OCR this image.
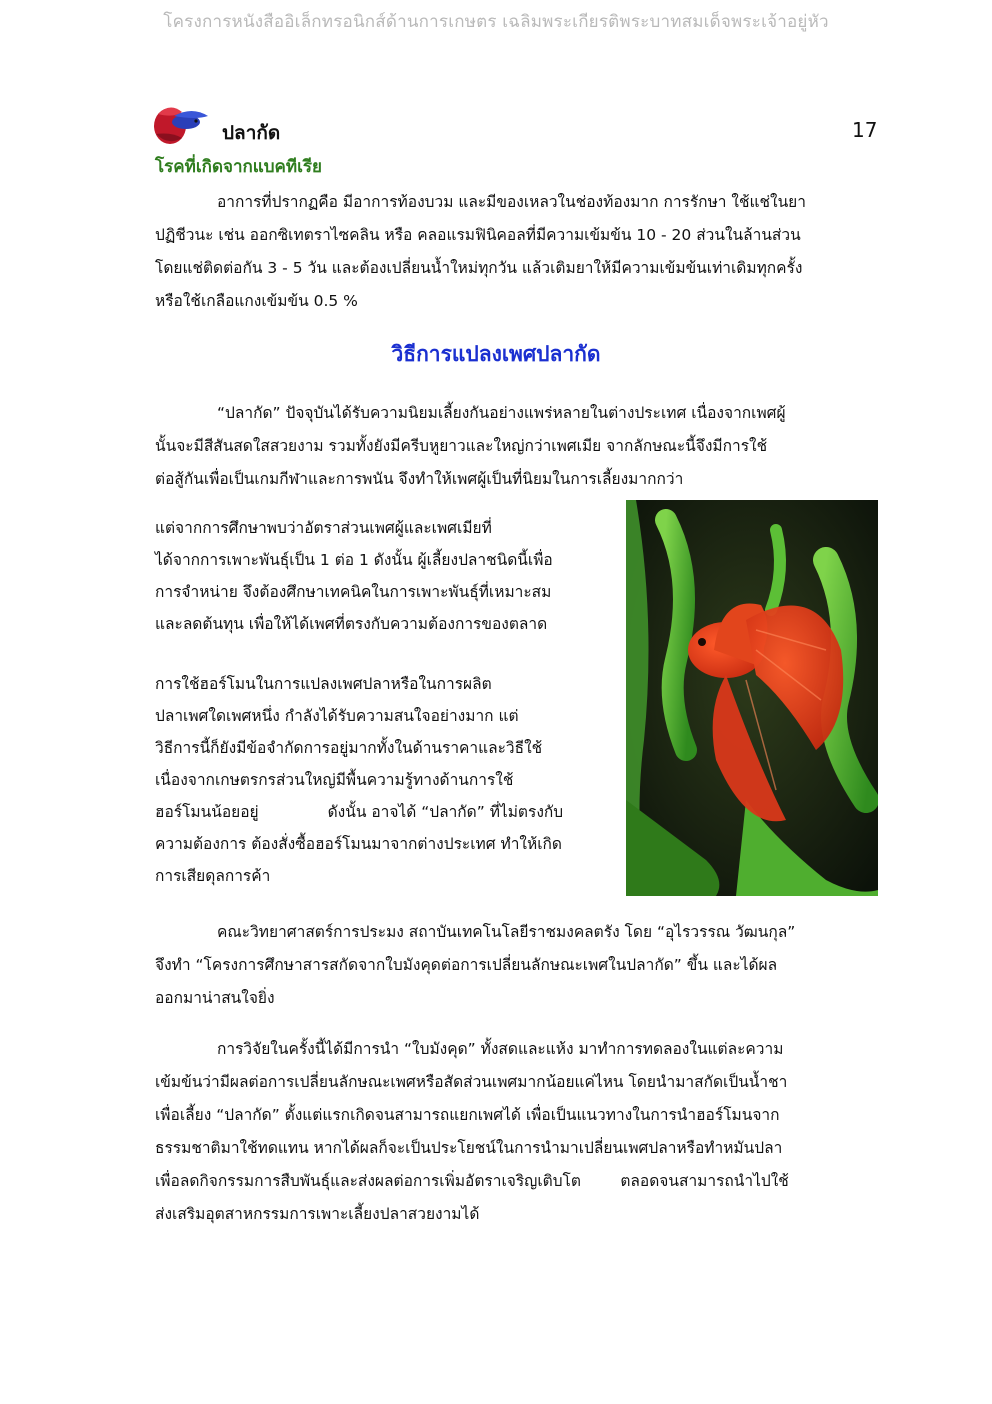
โครงการหนังสืออิเล็กทรอนิกส์ด้านการเกษตร เฉลิมพระเกียรติพระบาทสมเด็จพระเจ้าอยู่หัว
ปลากัด	17
โรคที่เกิดจากแบคทีเรีย

อาการที่ปรากฏคือ มีอาการท้องบวม และมีของเหลวในช่องท้องมาก การรักษา ใช้แช่ในยา
ปฏิชีวนะ เช่น ออกซิเทตราไซคลิน หรือ คลอแรมฟินิคอลที่มีความเข้มข้น 10 - 20 ส่วนในล้านส่วน
โดยแช่ติดต่อกัน 3 - 5 วัน และต้องเปลี่ยนน้ำใหม่ทุกวัน แล้วเติมยาให้มีความเข้มข้นเท่าเดิมทุกครั้ง
หรือใช้เกลือแกงเข้มข้น 0.5 %

วิธีการแปลงเพศปลากัด

“ปลากัด” ปัจจุบันได้รับความนิยมเลี้ยงกันอย่างแพร่หลายในต่างประเทศ เนื่องจากเพศผู้
นั้นจะมีสีสันสดใสสวยงาม รวมทั้งยังมีครีบหูยาวและใหญ่กว่าเพศเมีย จากลักษณะนี้จึงมีการใช้
ต่อสู้กันเพื่อเป็นเกมกีฬาและการพนัน จึงทำให้เพศผู้เป็นที่นิยมในการเลี้ยงมากกว่า

แต่จากการศึกษาพบว่าอัตราส่วนเพศผู้และเพศเมียที่
ได้จากการเพาะพันธุ์เป็น 1 ต่อ 1 ดังนั้น ผู้เลี้ยงปลาชนิดนี้เพื่อ
การจำหน่าย จึงต้องศึกษาเทคนิคในการเพาะพันธุ์ที่เหมาะสม
และลดต้นทุน เพื่อให้ได้เพศที่ตรงกับความต้องการของตลาด
การใช้ฮอร์โมนในการแปลงเพศปลาหรือในการผลิต
ปลาเพศใดเพศหนึ่ง กำลังได้รับความสนใจอย่างมาก แต่
วิธีการนี้ก็ยังมีข้อจำกัดการอยู่มากทั้งในด้านราคาและวิธีใช้
เนื่องจากเกษตรกรส่วนใหญ่มีพื้นความรู้ทางด้านการใช้
ฮอร์โมนน้อยอยู่              ดังนั้น อาจได้ “ปลากัด” ที่ไม่ตรงกับ
ความต้องการ ต้องสั่งซื้อฮอร์โมนมาจากต่างประเทศ ทำให้เกิด
การเสียดุลการค้า

คณะวิทยาศาสตร์การประมง สถาบันเทคโนโลยีราชมงคลตรัง โดย “อุไรวรรณ วัฒนกุล”
จึงทำ “โครงการศึกษาสารสกัดจากใบมังคุดต่อการเปลี่ยนลักษณะเพศในปลากัด” ขึ้น และได้ผล
ออกมาน่าสนใจยิ่ง

การวิจัยในครั้งนี้ได้มีการนำ “ใบมังคุด” ทั้งสดและแห้ง มาทำการทดลองในแต่ละความ
เข้มข้นว่ามีผลต่อการเปลี่ยนลักษณะเพศหรือสัดส่วนเพศมากน้อยแค่ไหน โดยนำมาสกัดเป็นน้ำชา
เพื่อเลี้ยง “ปลากัด” ตั้งแต่แรกเกิดจนสามารถแยกเพศได้ เพื่อเป็นแนวทางในการนำฮอร์โมนจาก
ธรรมชาติมาใช้ทดแทน หากได้ผลก็จะเป็นประโยชน์ในการนำมาเปลี่ยนเพศปลาหรือทำหมันปลา
เพื่อลดกิจกรรมการสืบพันธุ์และส่งผลต่อการเพิ่มอัตราเจริญเติบโต        ตลอดจนสามารถนำไปใช้
ส่งเสริมอุตสาหกรรมการเพาะเลี้ยงปลาสวยงามได้
